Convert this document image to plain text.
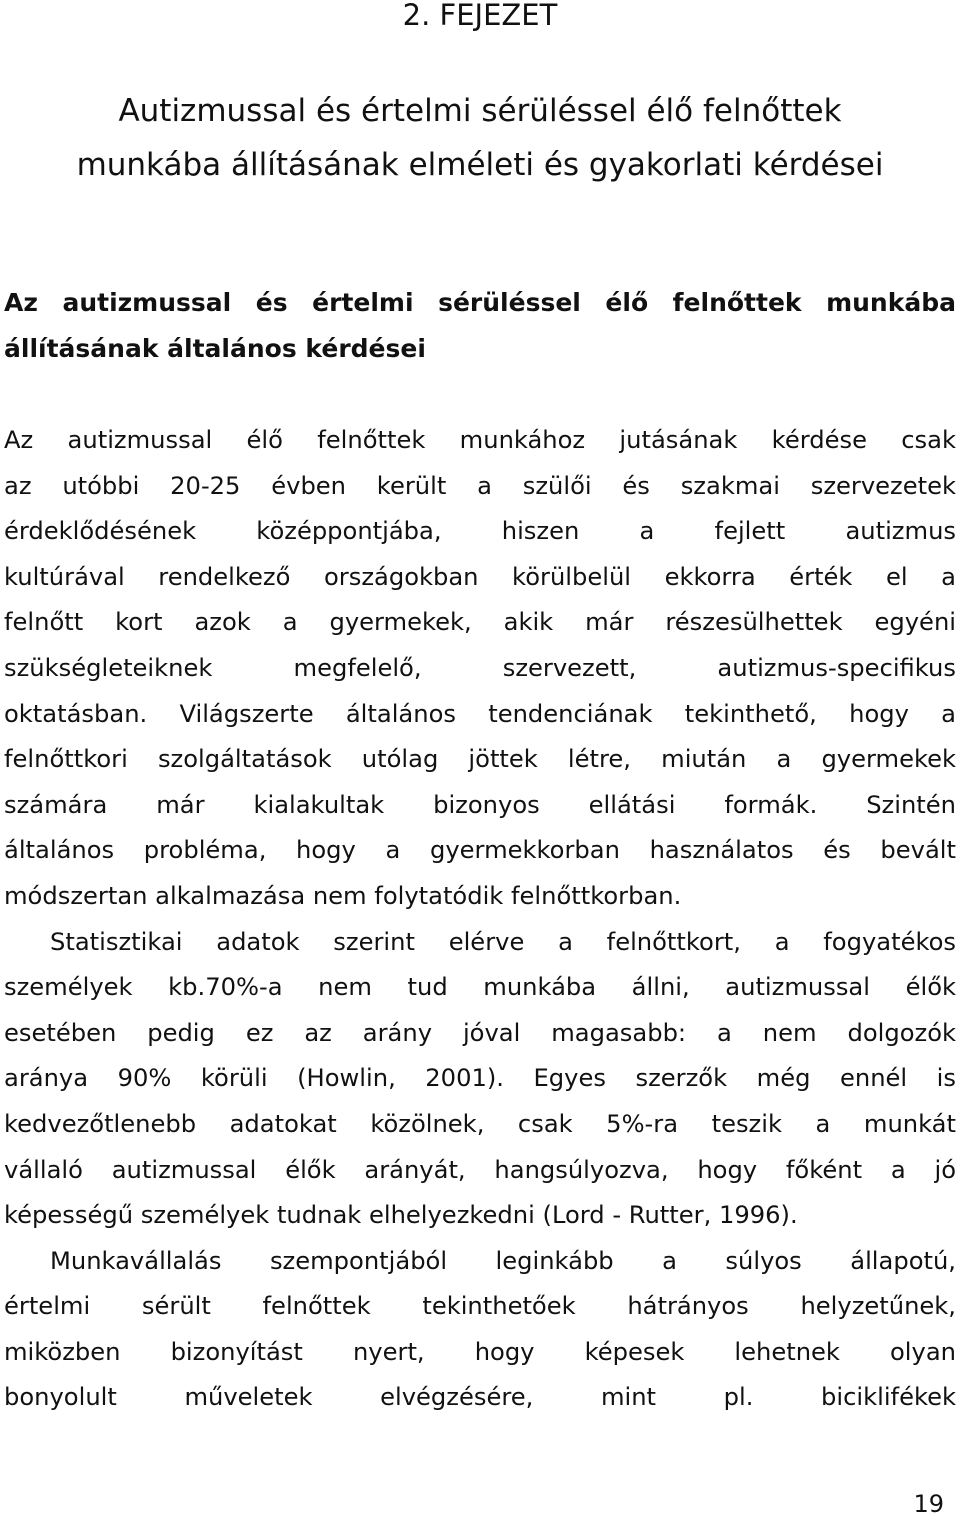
2. FEJEZET
Autizmussal és értelmi sérüléssel élő felnőttek
munkába állításának elméleti és gyakorlati kérdései
Az autizmussal és értelmi sérüléssel élő felnőttek munkába
állításának általános kérdései
Az autizmussal élő felnőttek munkához jutásának kérdése csak
az utóbbi 20-25 évben került a szülői és szakmai szervezetek
érdeklődésének középpontjába, hiszen a fejlett autizmus
kultúrával rendelkező országokban körülbelül ekkorra érték el a
felnőtt kort azok a gyermekek, akik már részesülhettek egyéni
szükségleteiknek megfelelő, szervezett, autizmus-specifikus
oktatásban. Világszerte általános tendenciának tekinthető, hogy a
felnőttkori szolgáltatások utólag jöttek létre, miután a gyermekek
számára már kialakultak bizonyos ellátási formák. Szintén
általános probléma, hogy a gyermekkorban használatos és bevált
módszertan alkalmazása nem folytatódik felnőttkorban.
Statisztikai adatok szerint elérve a felnőttkort, a fogyatékos
személyek kb.70%-a nem tud munkába állni, autizmussal élők
esetében pedig ez az arány jóval magasabb: a nem dolgozók
aránya 90% körüli (Howlin, 2001). Egyes szerzők még ennél is
kedvezőtlenebb adatokat közölnek, csak 5%-ra teszik a munkát
vállaló autizmussal élők arányát, hangsúlyozva, hogy főként a jó
képességű személyek tudnak elhelyezkedni (Lord - Rutter, 1996).
Munkavállalás szempontjából leginkább a súlyos állapotú,
értelmi sérült felnőttek tekinthetőek hátrányos helyzetűnek,
miközben bizonyítást nyert, hogy képesek lehetnek olyan
bonyolult műveletek elvégzésére, mint pl. biciklifékek
19
